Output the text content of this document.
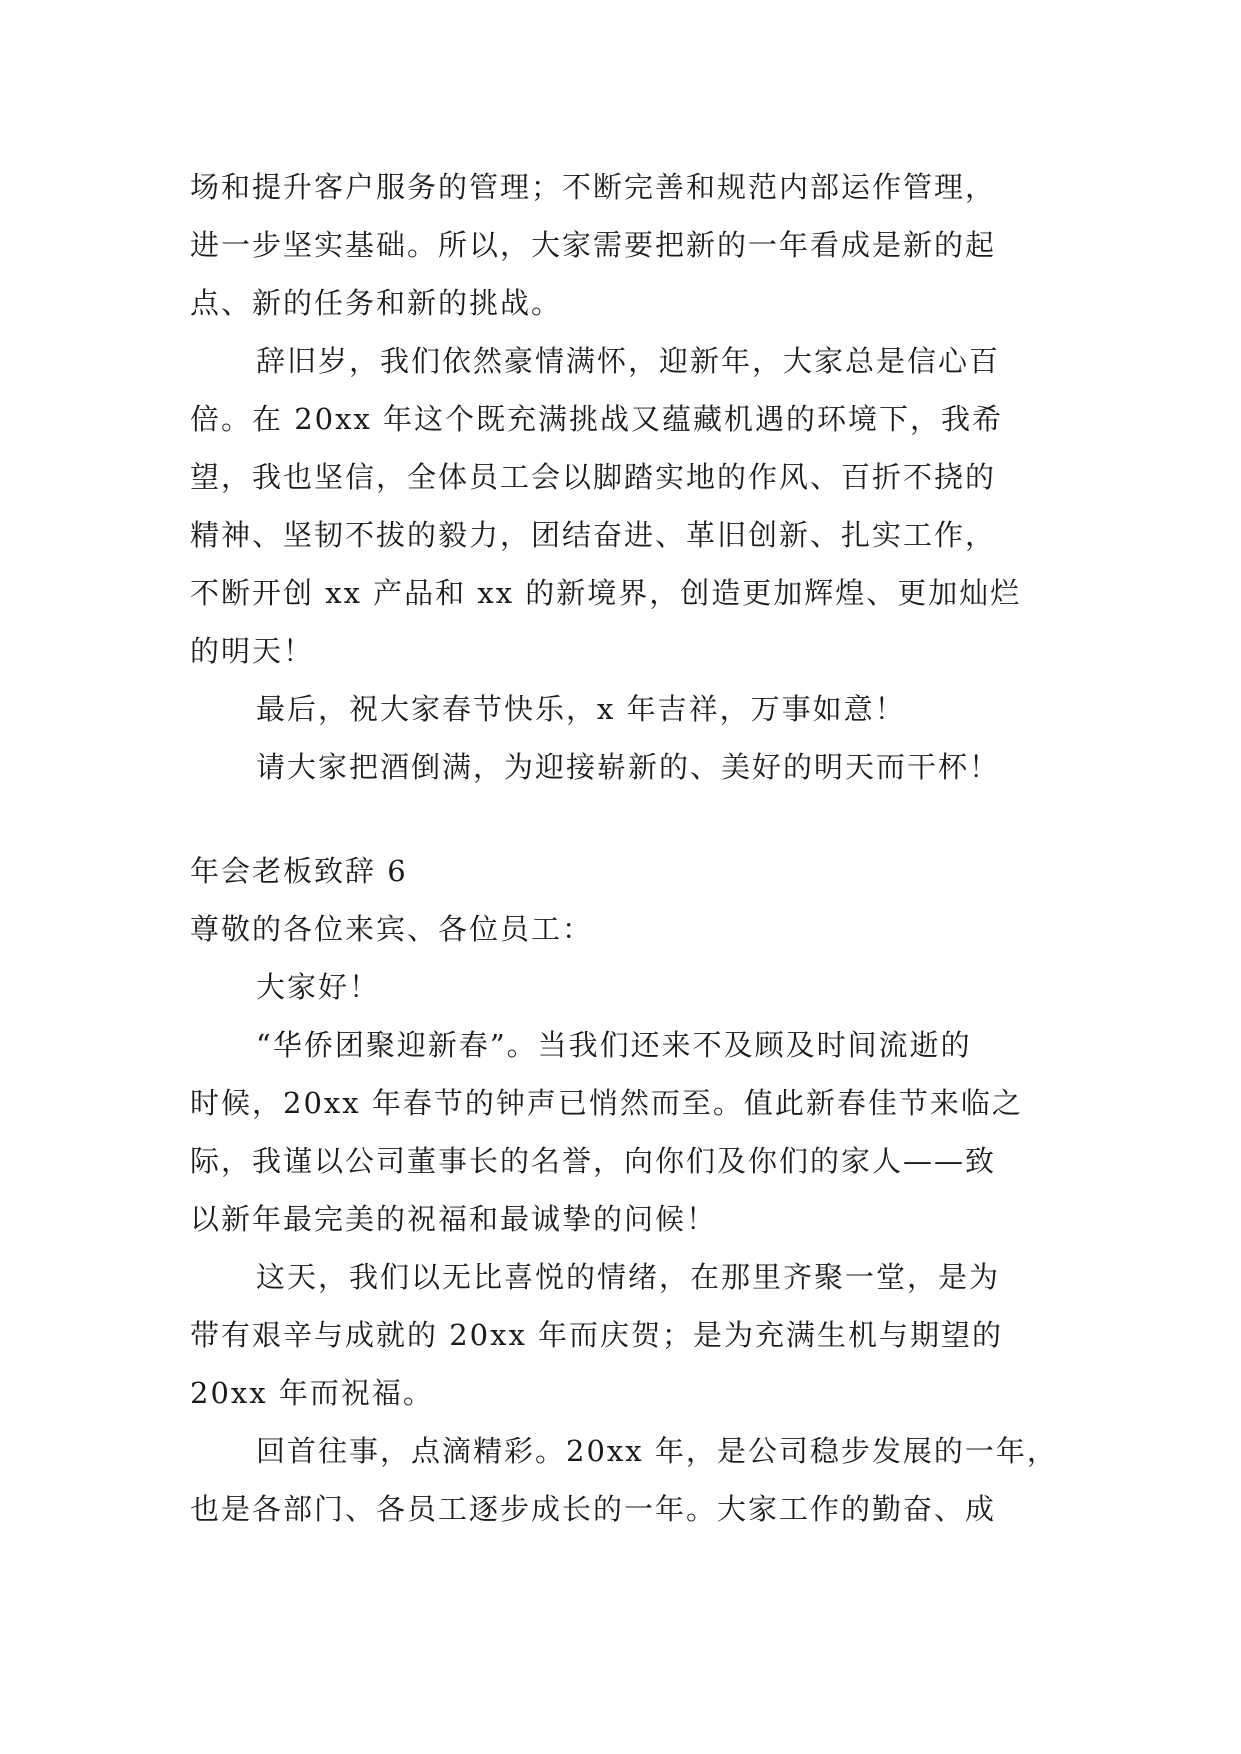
场和提升客户服务的管理；不断完善和规范内部运作管理，
进一步坚实基础。所以，大家需要把新的一年看成是新的起
点、新的任务和新的挑战。
辞旧岁，我们依然豪情满怀，迎新年，大家总是信心百
倍。在 20xx 年这个既充满挑战又蕴藏机遇的环境下，我希
望，我也坚信，全体员工会以脚踏实地的作风、百折不挠的
精神、坚韧不拔的毅力，团结奋进、革旧创新、扎实工作，
不断开创 xx 产品和 xx 的新境界，创造更加辉煌、更加灿烂
的明天！
最后，祝大家春节快乐，x 年吉祥，万事如意！
请大家把酒倒满，为迎接崭新的、美好的明天而干杯！
年会老板致辞 6
尊敬的各位来宾、各位员工：
大家好！
“华侨团聚迎新春”。当我们还来不及顾及时间流逝的
时候，20xx 年春节的钟声已悄然而至。值此新春佳节来临之
际，我谨以公司董事长的名誉，向你们及你们的家人——致
以新年最完美的祝福和最诚挚的问候！
这天，我们以无比喜悦的情绪，在那里齐聚一堂，是为
带有艰辛与成就的 20xx 年而庆贺；是为充满生机与期望的
20xx 年而祝福。
回首往事，点滴精彩。20xx 年，是公司稳步发展的一年，
也是各部门、各员工逐步成长的一年。大家工作的勤奋、成
